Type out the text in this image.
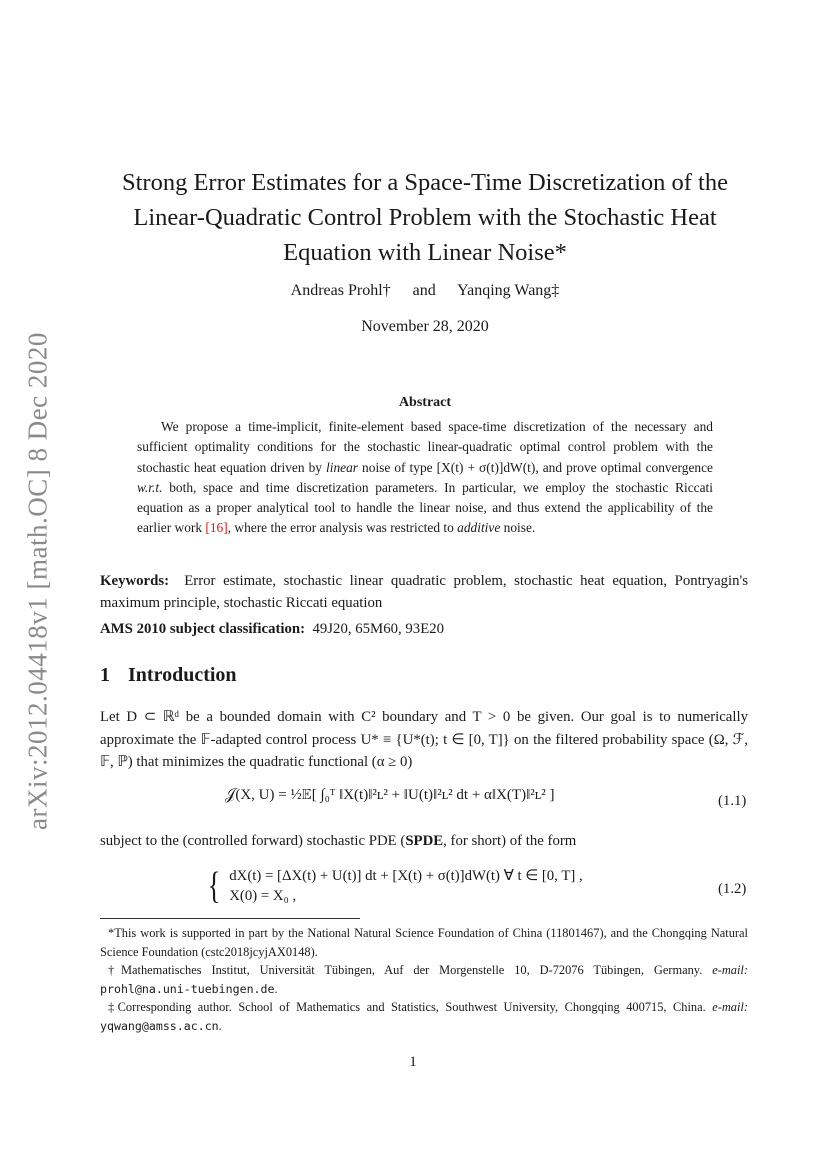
arXiv:2012.04418v1 [math.OC] 8 Dec 2020
Strong Error Estimates for a Space-Time Discretization of the
Linear-Quadratic Control Problem with the Stochastic Heat
Equation with Linear Noise*
Andreas Prohl† and Yanqing Wang‡
November 28, 2020
Abstract
We propose a time-implicit, finite-element based space-time discretization of the necessary and sufficient optimality conditions for the stochastic linear-quadratic optimal control problem with the stochastic heat equation driven by linear noise of type [X(t) + σ(t)]dW(t), and prove optimal convergence w.r.t. both, space and time discretization parameters. In particular, we employ the stochastic Riccati equation as a proper analytical tool to handle the linear noise, and thus extend the applicability of the earlier work [16], where the error analysis was restricted to additive noise.
Keywords: Error estimate, stochastic linear quadratic problem, stochastic heat equation, Pontryagin's maximum principle, stochastic Riccati equation
AMS 2010 subject classification: 49J20, 65M60, 93E20
1 Introduction
Let D ⊂ ℝᵈ be a bounded domain with C² boundary and T > 0 be given. Our goal is to numerically approximate the 𝔽-adapted control process U* ≡ {U*(t); t ∈ [0, T]} on the filtered probability space (Ω, ℱ, 𝔽, ℙ) that minimizes the quadratic functional (α ≥ 0)
𝒥(X, U) = ½𝔼[ ∫₀ᵀ ‖X(t)‖²ʟ² + ‖U(t)‖²ʟ² dt + α‖X(T)‖²ʟ² ]	(1.1)
subject to the (controlled forward) stochastic PDE (SPDE, for short) of the form
{ dX(t) = [ΔX(t) + U(t)] dt + [X(t) + σ(t)]dW(t) ∀ t ∈ [0, T] ,
X(0) = X₀ ,	(1.2)

*This work is supported in part by the National Natural Science Foundation of China (11801467), and the Chongqing Natural Science Foundation (cstc2018jcyjAX0148).

†Mathematisches Institut, Universität Tübingen, Auf der Morgenstelle 10, D-72076 Tübingen, Germany. e-mail: prohl@na.uni-tuebingen.de.

‡Corresponding author. School of Mathematics and Statistics, Southwest University, Chongqing 400715, China. e-mail: yqwang@amss.ac.cn.

1
